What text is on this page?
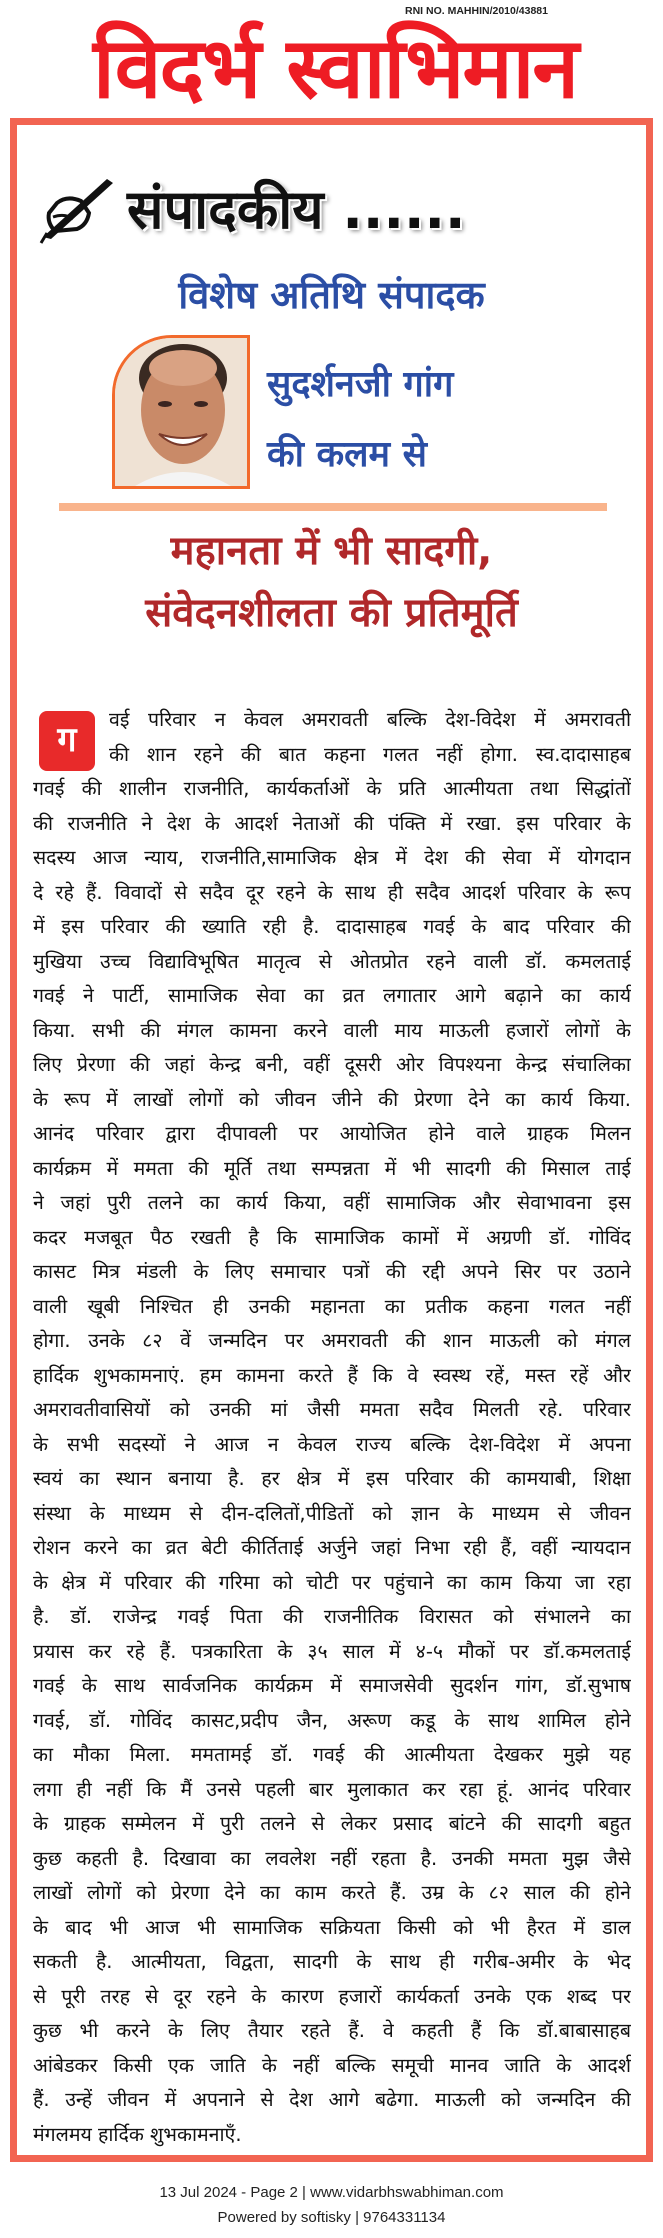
RNI NO. MAHHIN/2010/43881
विदर्भ स्वाभिमान
संपादकीय ......
विशेष अतिथि संपादक
सुदर्शनजी गांग
की कलम से
महानता में भी सादगी,
संवेदनशीलता की प्रतिमूर्ति
ग
वई परिवार न केवल अमरावती बल्कि देश-विदेश में अमरावती
की शान रहने की बात कहना गलत नहीं होगा. स्व.दादासाहब
गवई की शालीन राजनीति, कार्यकर्ताओं के प्रति आत्मीयता तथा सिद्धांतों
की राजनीति ने देश के आदर्श नेताओं की पंक्ति में रखा. इस परिवार के
सदस्य आज न्याय, राजनीति,सामाजिक क्षेत्र में देश की सेवा में योगदान
दे रहे हैं. विवादों से सदैव दूर रहने के साथ ही सदैव आदर्श परिवार के रूप
में इस परिवार की ख्याति रही है. दादासाहब गवई के बाद परिवार की
मुखिया उच्च विद्याविभूषित मातृत्व से ओतप्रोत रहने वाली डॉ. कमलताई
गवई ने पार्टी, सामाजिक सेवा का व्रत लगातार आगे बढ़ाने का कार्य
किया. सभी की मंगल कामना करने वाली माय माऊली हजारों लोगों के
लिए प्रेरणा की जहां केन्द्र बनी, वहीं दूसरी ओर विपश्यना केन्द्र संचालिका
के रूप में लाखों लोगों को जीवन जीने की प्रेरणा देने का कार्य किया.
आनंद परिवार द्वारा दीपावली पर आयोजित होने वाले ग्राहक मिलन
कार्यक्रम में ममता की मूर्ति तथा सम्पन्नता में भी सादगी की मिसाल ताई
ने जहां पुरी तलने का कार्य किया, वहीं सामाजिक और सेवाभावना इस
कदर मजबूत पैठ रखती है कि सामाजिक कामों में अग्रणी डॉ. गोविंद
कासट मित्र मंडली के लिए समाचार पत्रों की रद्दी अपने सिर पर उठाने
वाली खूबी निश्चित ही उनकी महानता का प्रतीक कहना गलत नहीं
होगा. उनके ८२ वें जन्मदिन पर अमरावती की शान माऊली को मंगल
हार्दिक शुभकामनाएं. हम कामना करते हैं कि वे स्वस्थ रहें, मस्त रहें और
अमरावतीवासियों को उनकी मां जैसी ममता सदैव मिलती रहे. परिवार
के सभी सदस्यों ने आज न केवल राज्य बल्कि देश-विदेश में अपना
स्वयं का स्थान बनाया है. हर क्षेत्र में इस परिवार की कामयाबी, शिक्षा
संस्था के माध्यम से दीन-दलितों,पीडितों को ज्ञान के माध्यम से जीवन
रोशन करने का व्रत बेटी कीर्तिताई अर्जुने जहां निभा रही हैं, वहीं न्यायदान
के क्षेत्र में परिवार की गरिमा को चोटी पर पहुंचाने का काम किया जा रहा
है. डॉ. राजेन्द्र गवई पिता की राजनीतिक विरासत को संभालने का
प्रयास कर रहे हैं. पत्रकारिता के ३५ साल में ४-५ मौकों पर डॉ.कमलताई
गवई के साथ सार्वजनिक कार्यक्रम में समाजसेवी सुदर्शन गांग, डॉ.सुभाष
गवई, डॉ. गोविंद कासट,प्रदीप जैन, अरूण कडू के साथ शामिल होने
का मौका मिला. ममतामई डॉ. गवई की आत्मीयता देखकर मुझे यह
लगा ही नहीं कि मैं उनसे पहली बार मुलाकात कर रहा हूं. आनंद परिवार
के ग्राहक सम्मेलन में पुरी तलने से लेकर प्रसाद बांटने की सादगी बहुत
कुछ कहती है. दिखावा का लवलेश नहीं रहता है. उनकी ममता मुझ जैसे
लाखों लोगों को प्रेरणा देने का काम करते हैं. उम्र के ८२ साल की होने
के बाद भी आज भी सामाजिक सक्रियता किसी को भी हैरत में डाल
सकती है. आत्मीयता, विद्वता, सादगी के साथ ही गरीब-अमीर के भेद
से पूरी तरह से दूर रहने के कारण हजारों कार्यकर्ता उनके एक शब्द पर
कुछ भी करने के लिए तैयार रहते हैं. वे कहती हैं कि डॉ.बाबासाहब
आंबेडकर किसी एक जाति के नहीं बल्कि समूची मानव जाति के आदर्श
हैं. उन्हें जीवन में अपनाने से देश आगे बढेगा. माऊली को जन्मदिन की
मंगलमय हार्दिक शुभकामनाएँ.
13 Jul 2024 - Page 2 | www.vidarbhswabhiman.com
Powered by softisky | 9764331134
